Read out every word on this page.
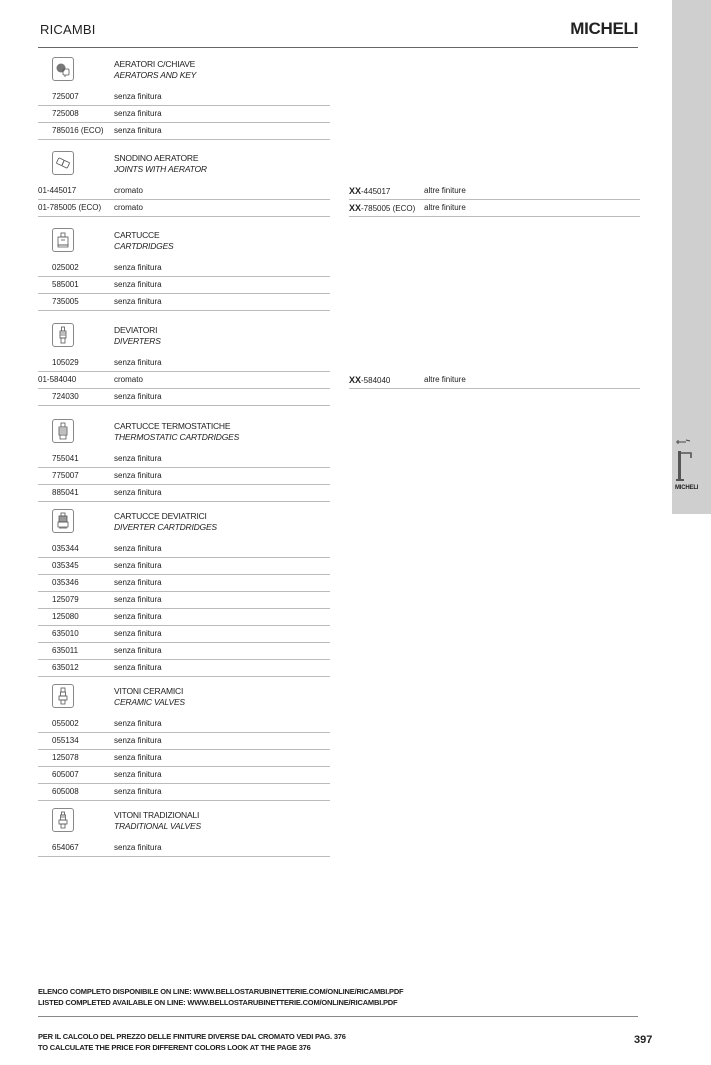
RICAMBI	MICHELI
MICHELI
AERATORI C/CHIAVE
AERATORS AND KEY
725007	senza finitura
725008	senza finitura
785016 (ECO)	senza finitura
SNODINO AERATORE
JOINTS WITH AERATOR
01-445017	cromato	XX-445017	altre finiture
01-785005 (ECO)	cromato	XX-785005 (ECO)	altre finiture
CARTUCCE
CARTDRIDGES
025002	senza finitura
585001	senza finitura
735005	senza finitura
DEVIATORI
DIVERTERS
105029	senza finitura
01-584040	cromato	XX-584040	altre finiture
724030	senza finitura
CARTUCCE TERMOSTATICHE
THERMOSTATIC CARTDRIDGES
755041	senza finitura
775007	senza finitura
885041	senza finitura
CARTUCCE DEVIATRICI
DIVERTER CARTDRIDGES
035344	senza finitura
035345	senza finitura
035346	senza finitura
125079	senza finitura
125080	senza finitura
635010	senza finitura
635011	senza finitura
635012	senza finitura
VITONI CERAMICI
CERAMIC VALVES
055002	senza finitura
055134	senza finitura
125078	senza finitura
605007	senza finitura
605008	senza finitura
VITONI TRADIZIONALI
TRADITIONAL VALVES
654067	senza finitura
ELENCO COMPLETO DISPONIBILE ON LINE: WWW.BELLOSTARUBINETTERIE.COM/ONLINE/RICAMBI.PDF
LISTED COMPLETED AVAILABLE ON LINE: WWW.BELLOSTARUBINETTERIE.COM/ONLINE/RICAMBI.PDF
PER IL CALCOLO DEL PREZZO DELLE FINITURE DIVERSE DAL CROMATO VEDI PAG. 376
TO CALCULATE THE PRICE FOR DIFFERENT COLORS LOOK AT THE PAGE 376
397
